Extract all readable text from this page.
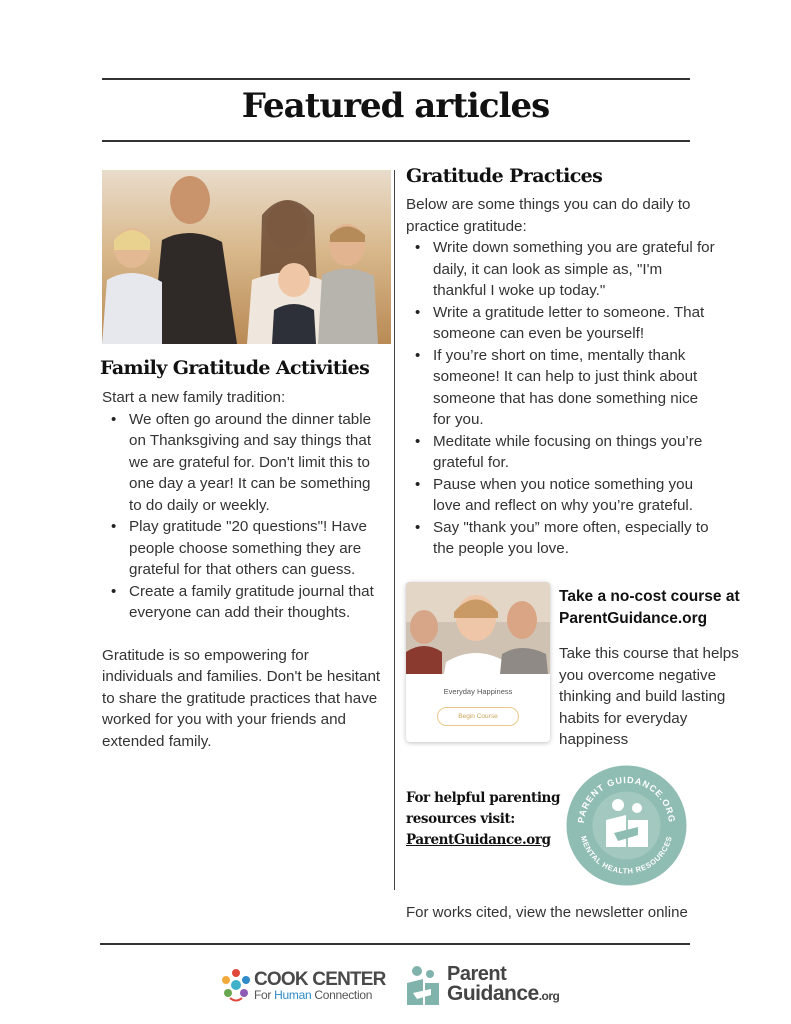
Featured articles
Family Gratitude Activities

Start a new family tradition:

• We often go around the dinner table on Thanksgiving and say things that we are grateful for. Don't limit this to one day a year! It can be something to do daily or weekly.
• Play gratitude "20 questions"! Have people choose something they are grateful for that others can guess.
• Create a family gratitude journal that everyone can add their thoughts.

Gratitude is so empowering for individuals and families. Don't be hesitant to share the gratitude practices that have worked for you with your friends and extended family.

Gratitude Practices

Below are some things you can do daily to practice gratitude:

• Write down something you are grateful for daily, it can look as simple as, "I'm thankful I woke up today."
• Write a gratitude letter to someone. That someone can even be yourself!
• If you’re short on time, mentally thank someone! It can help to just think about someone that has done something nice for you.
• Meditate while focusing on things you’re grateful for.
• Pause when you notice something you love and reflect on why you’re grateful.
• Say "thank you” more often, especially to the people you love.
Everyday Happiness
Begin Course
Take a no-cost course at ParentGuidance.org
Take this course that helps you overcome negative thinking and build lasting habits for everyday happiness
For helpful parenting resources visit:
ParentGuidance.org
PARENT GUIDANCE.ORG
MENTAL HEALTH RESOURCES
For works cited, view the newsletter online
COOK CENTER
For Human Connection
Parent
Guidance.org
